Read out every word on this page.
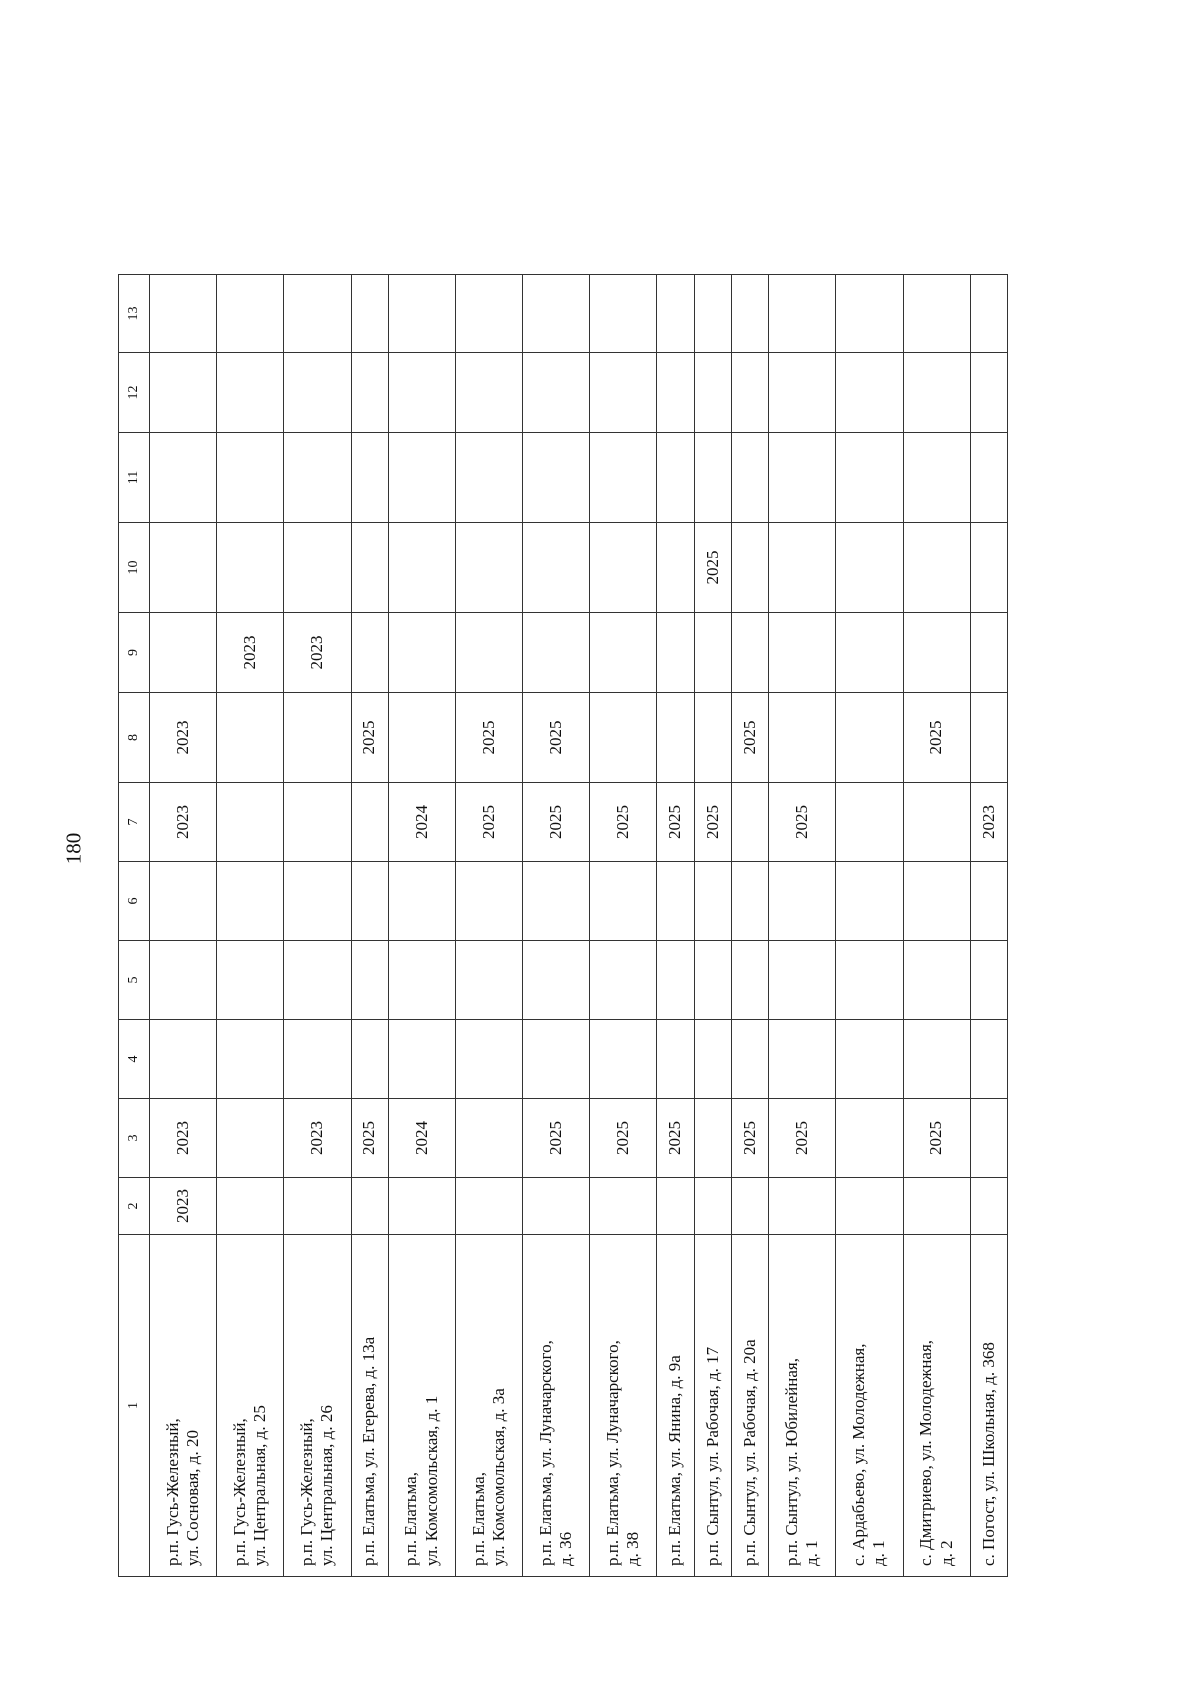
180
1	2	3	4	5	6	7	8	9	10	11	12	13
р.п. Гусь-Железный,
ул. Сосновая, д. 20	2023	2023				2023	2023					
р.п. Гусь-Железный,
ул. Центральная, д. 25								2023				
р.п. Гусь-Железный,
ул. Центральная, д. 26		2023						2023				
р.п. Елатьма, ул. Егерева, д. 13а		2025					2025					
р.п. Елатьма,
ул. Комсомольская, д. 1		2024				2024						
р.п. Елатьма,
ул. Комсомольская, д. 3а						2025	2025					
р.п. Елатьма, ул. Луначарского,
д. 36		2025				2025	2025					
р.п. Елатьма, ул. Луначарского,
д. 38		2025				2025						
р.п. Елатьма, ул. Янина, д. 9а		2025				2025						
р.п. Сынтул, ул. Рабочая, д. 17						2025			2025			
р.п. Сынтул, ул. Рабочая, д. 20а		2025					2025					
р.п. Сынтул, ул. Юбилейная,
д. 1		2025				2025						
с. Ардабьево, ул. Молодежная,
д. 1												
с. Дмитриево, ул. Молодежная,
д. 2		2025					2025					
с. Погост, ул. Школьная, д. 368						2023						
